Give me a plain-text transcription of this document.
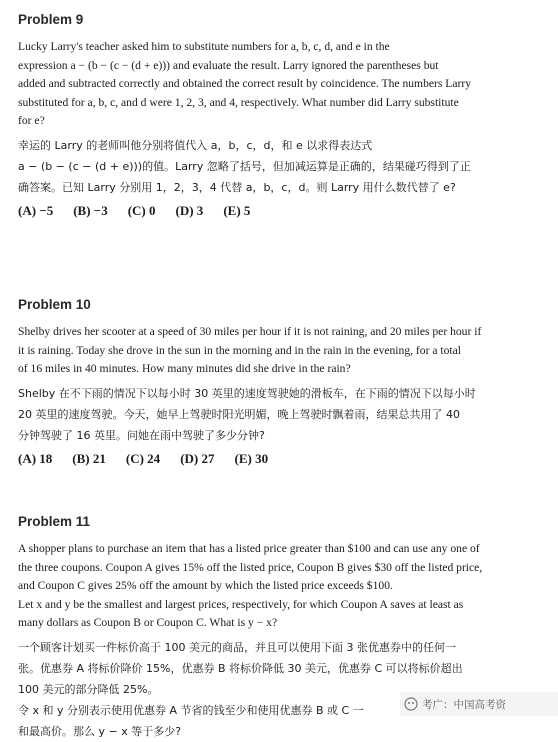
Problem 9
Lucky Larry's teacher asked him to substitute numbers for a, b, c, d, and e in the
expression a − (b − (c − (d + e))) and evaluate the result. Larry ignored the parentheses but
added and subtracted correctly and obtained the correct result by coincidence. The numbers Larry
substituted for a, b, c, and d were 1, 2, 3, and 4, respectively. What number did Larry substitute
for e?
幸运的 Larry 的老师叫他分别将值代入 a，b，c，d，和 e 以求得表达式
a − (b − (c − (d + e)))的值。Larry 忽略了括号，但加减运算是正确的，结果碰巧得到了正
确答案。已知 Larry 分别用 1，2，3，4 代替 a，b，c，d。则 Larry 用什么数代替了 e?
(A) −5 (B) −3 (C) 0 (D) 3 (E) 5
Problem 10
Shelby drives her scooter at a speed of 30 miles per hour if it is not raining, and 20 miles per hour if
it is raining. Today she drove in the sun in the morning and in the rain in the evening, for a total
of 16 miles in 40 minutes. How many minutes did she drive in the rain?
Shelby 在不下雨的情况下以每小时 30 英里的速度驾驶她的滑板车，在下雨的情况下以每小时
20 英里的速度驾驶。今天，她早上驾驶时阳光明媚，晚上驾驶时飘着雨，结果总共用了 40
分钟驾驶了 16 英里。问她在雨中驾驶了多少分钟?
(A) 18 (B) 21 (C) 24 (D) 27 (E) 30
Problem 11
A shopper plans to purchase an item that has a listed price greater than $100 and can use any one of
the three coupons. Coupon A gives 15% off the listed price, Coupon B gives $30 off the listed price,
and Coupon C gives 25% off the amount by which the listed price exceeds $100.
Let x and y be the smallest and largest prices, respectively, for which Coupon A saves at least as
many dollars as Coupon B or Coupon C. What is y − x?
一个顾客计划买一件标价高于 100 美元的商品，并且可以使用下面 3 张优惠券中的任何一
张。优惠券 A 将标价降价 15%，优惠券 B 将标价降低 30 美元，优惠券 C 可以将标价超出
100 美元的部分降低 25%。
令 x 和 y 分别表示使用优惠券 A 节省的钱至少和使用优惠券 B 或 C 一
和最高价。那么 y − x 等于多少?
考广：中国高考资
